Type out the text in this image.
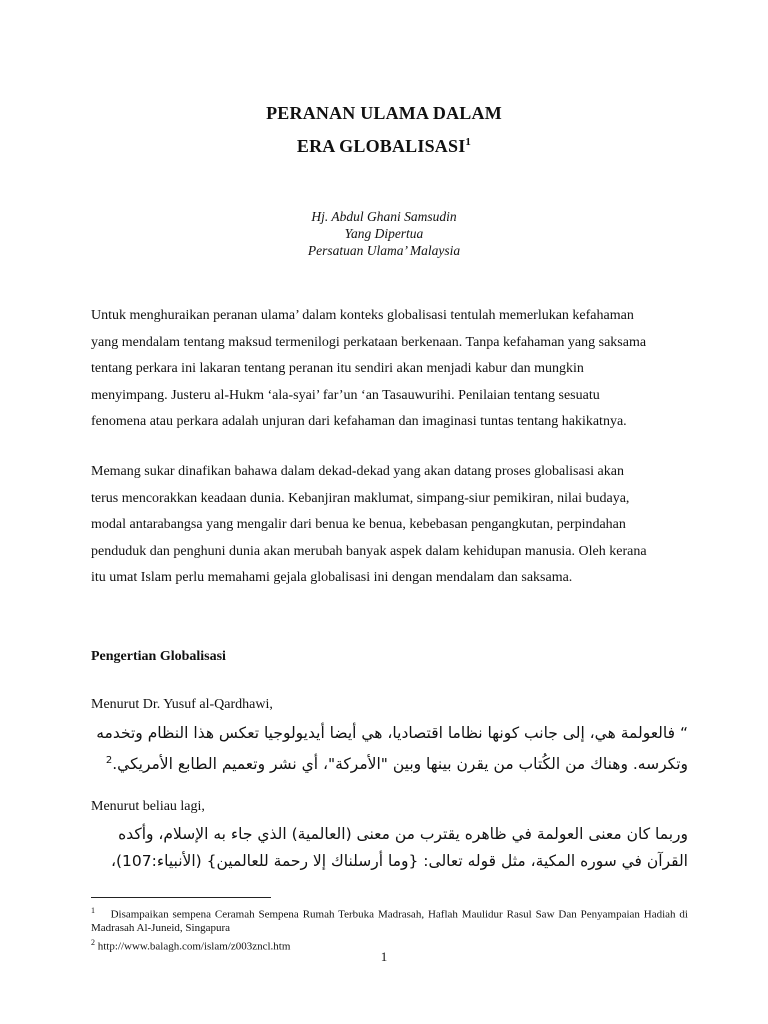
PERANAN ULAMA DALAM
ERA GLOBALISASI$^1$
Hj. Abdul Ghani Samsudin
Yang Dipertua
Persatuan Ulama’ Malaysia
Untuk menghuraikan peranan ulama’ dalam konteks globalisasi tentulah memerlukan kefahaman
yang mendalam tentang maksud termenilogi perkataan berkenaan. Tanpa kefahaman yang saksama
tentang perkara ini lakaran tentang peranan itu sendiri akan menjadi kabur dan mungkin
menyimpang. Justeru al-Hukm ‘ala-syai’ far’un ‘an Tasauwurihi. Penilaian tentang sesuatu
fenomena atau perkara adalah unjuran dari kefahaman dan imaginasi tuntas tentang hakikatnya.
Memang sukar dinafikan bahawa dalam dekad-dekad yang akan datang proses globalisasi akan
terus mencorakkan keadaan dunia. Kebanjiran maklumat, simpang-siur pemikiran, nilai budaya,
modal antarabangsa yang mengalir dari benua ke benua, kebebasan pengangkutan, perpindahan
penduduk dan penghuni dunia akan merubah banyak aspek dalam kehidupan manusia. Oleh kerana
itu umat Islam perlu memahami gejala globalisasi ini dengan mendalam dan saksama.
Pengertian Globalisasi
Menurut Dr. Yusuf al-Qardhawi,
“ فالعولمة هي، إلى جانب كونها نظاما اقتصاديا، هي أيضا أيديولوجيا تعكس هذا النظام وتخدمه
وتكرسه. وهناك من الكُتاب من يقرن بينها وبين "الأمركة"، أي نشر وتعميم الطابع الأمريكي.$^2$
Menurut beliau lagi,
وربما كان معنى العولمة في ظاهره يقترب من معنى (العالمية) الذي جاء به الإسلام، وأكده
القرآن في سوره المكية، مثل قوله تعالى: {وما أرسلناك إلا رحمة للعالمين} (الأنبياء:107)،
$^1$ Disampaikan sempena Ceramah Sempena Rumah Terbuka Madrasah, Haflah Maulidur Rasul Saw Dan Penyampaian Hadiah di Madrasah Al-Juneid, Singapura
$^2$ http://www.balagh.com/islam/z003zncl.htm
1
